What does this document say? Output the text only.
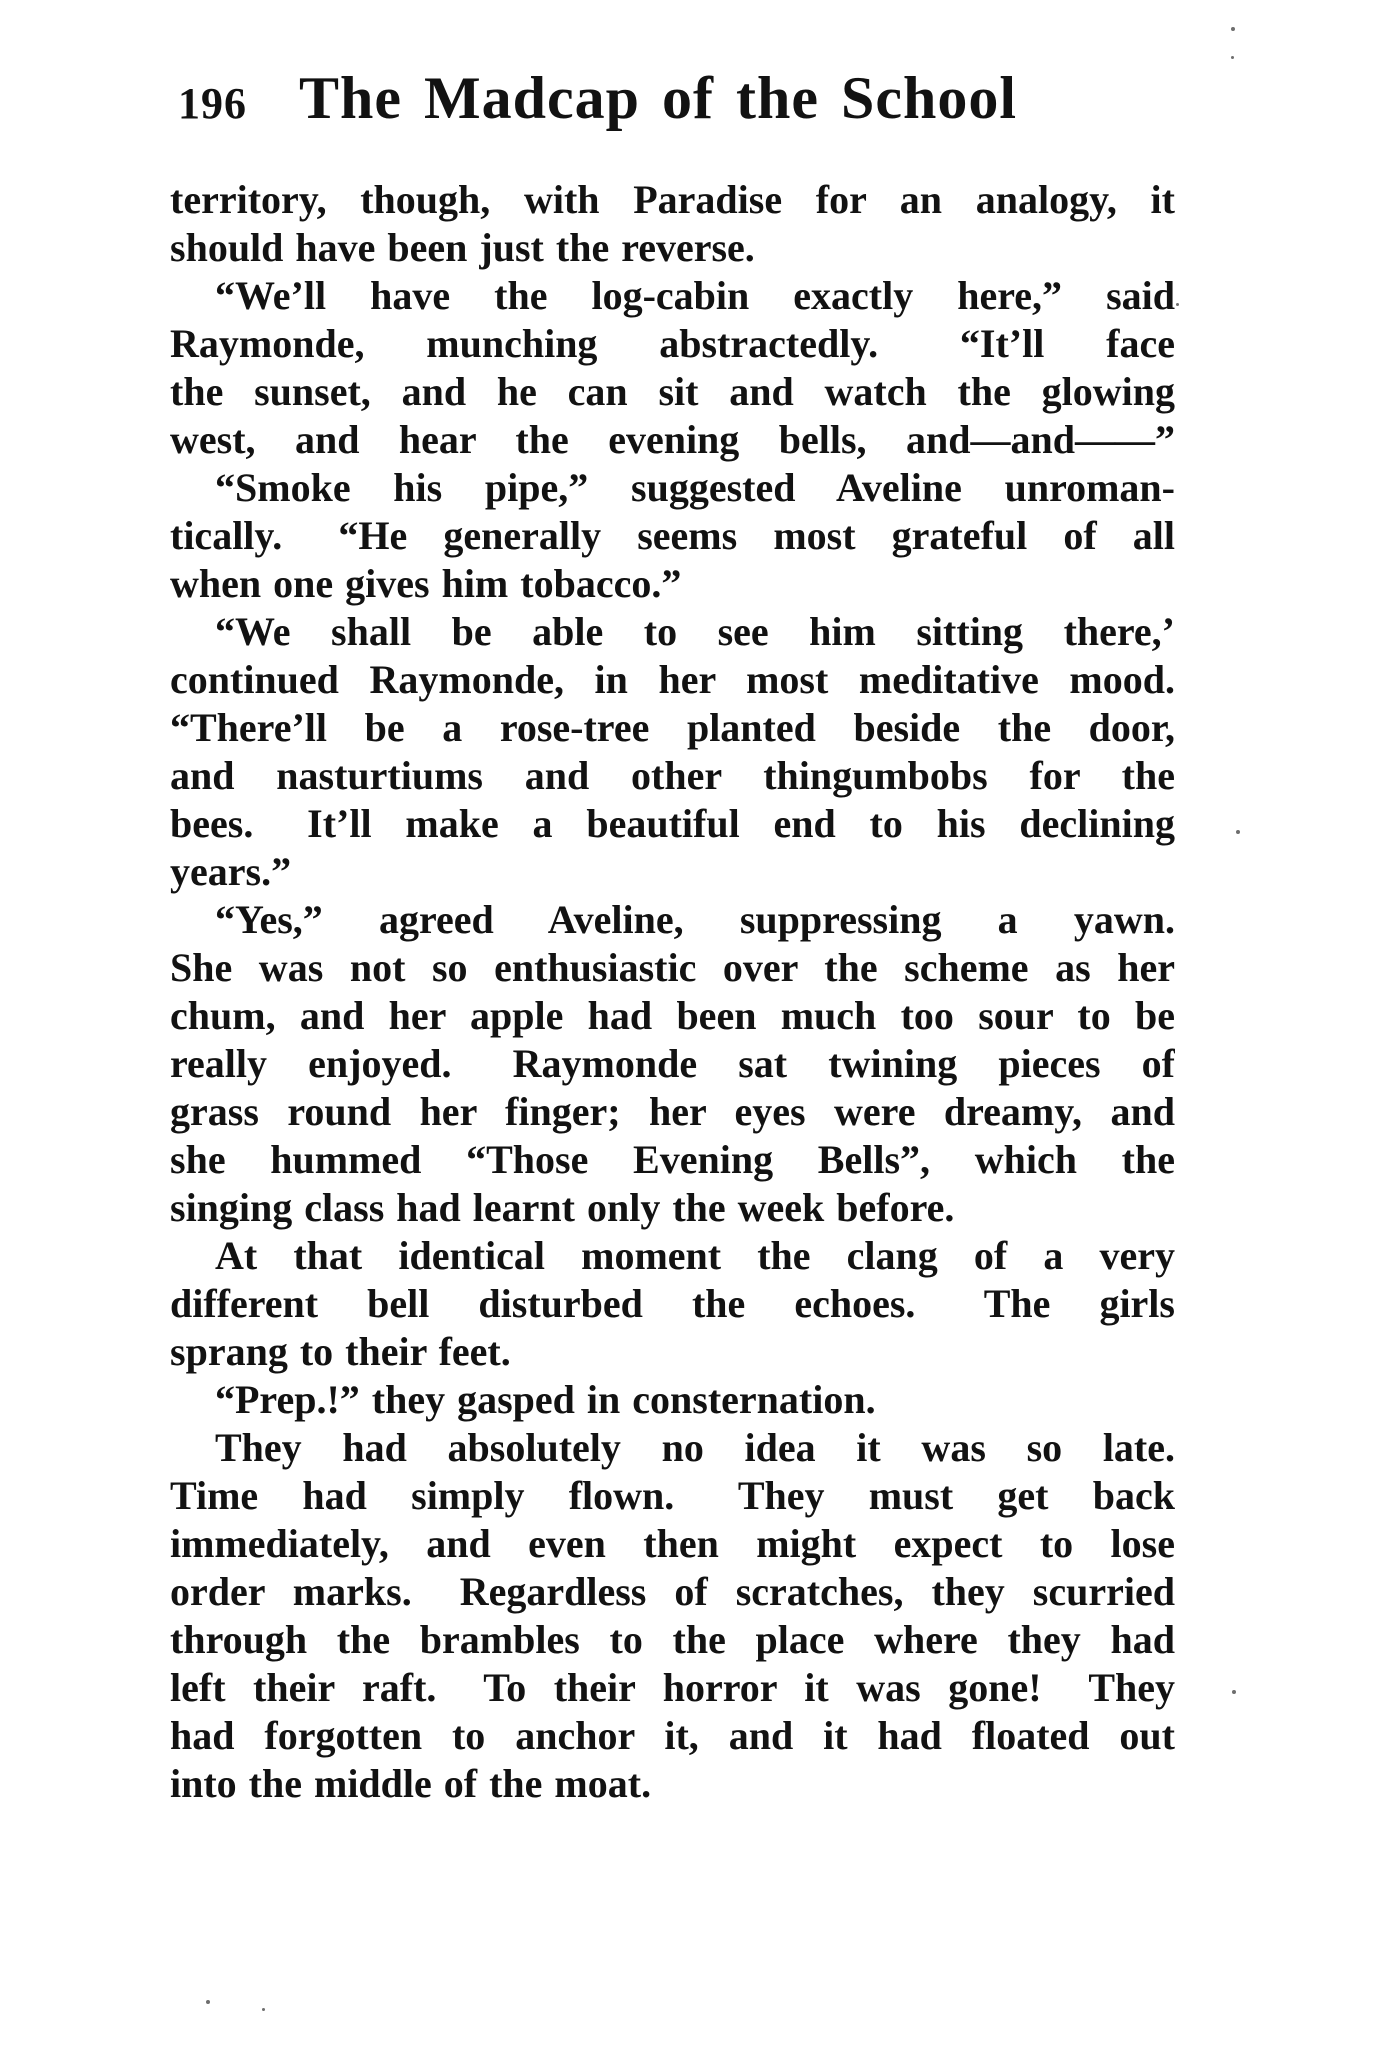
196 The Madcap of the School
territory, though, with Paradise for an analogy, it
should have been just the reverse.
“We’ll have the log-cabin exactly here,” said
Raymonde, munching abstractedly.  “It’ll face
the sunset, and he can sit and watch the glowing
west, and hear the evening bells, and—and——”
“Smoke his pipe,” suggested Aveline unroman-
tically.  “He generally seems most grateful of all
when one gives him tobacco.”
“We shall be able to see him sitting there,’
continued Raymonde, in her most meditative mood.
“There’ll be a rose-tree planted beside the door,
and nasturtiums and other thingumbobs for the
bees.  It’ll make a beautiful end to his declining
years.”
“Yes,” agreed Aveline, suppressing a yawn.
She was not so enthusiastic over the scheme as her
chum, and her apple had been much too sour to be
really enjoyed.  Raymonde sat twining pieces of
grass round her finger; her eyes were dreamy, and
she hummed “Those Evening Bells”, which the
singing class had learnt only the week before.
At that identical moment the clang of a very
different bell disturbed the echoes.  The girls
sprang to their feet.
“Prep.!” they gasped in consternation.
They had absolutely no idea it was so late.
Time had simply flown.  They must get back
immediately, and even then might expect to lose
order marks.  Regardless of scratches, they scurried
through the brambles to the place where they had
left their raft.  To their horror it was gone!  They
had forgotten to anchor it, and it had floated out
into the middle of the moat.
